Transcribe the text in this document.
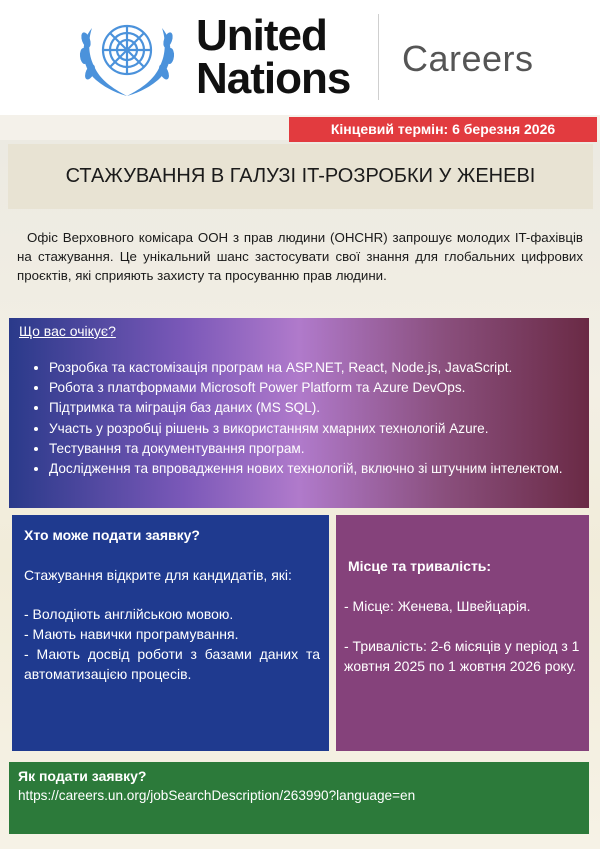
United
Nations Careers
Кінцевий термін: 6 березня 2026
СТАЖУВАННЯ В ГАЛУЗІ IT-РОЗРОБКИ У ЖЕНЕВІ
Офіс Верховного комісара ООН з прав людини (OHCHR) запрошує молодих IT-фахівців на стажування. Це унікальний шанс застосувати свої знання для глобальних цифрових проєктів, які сприяють захисту та просуванню прав людини.
Що вас очікує?
• Розробка та кастомізація програм на ASP.NET, React, Node.js, JavaScript.
• Робота з платформами Microsoft Power Platform та Azure DevOps.
• Підтримка та міграція баз даних (MS SQL).
• Участь у розробці рішень з використанням хмарних технологій Azure.
• Тестування та документування програм.
• Дослідження та впровадження нових технологій, включно зі штучним інтелектом.
Хто може подати заявку?
Стажування відкрите для кандидатів, які:
- Володіють англійською мовою.
- Мають навички програмування.
- Мають досвід роботи з базами даних та автоматизацією процесів.
Місце та тривалість:
- Місце: Женева, Швейцарія.
- Тривалість: 2-6 місяців у період з 1 жовтня 2025 по 1 жовтня 2026 року.
Як подати заявку?
https://careers.un.org/jobSearchDescription/263990?language=en
